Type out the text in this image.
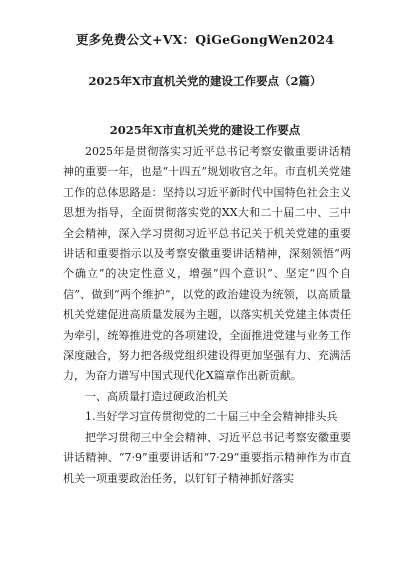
更多免费公文+VX：QiGeGongWen2024
2025年X市直机关党的建设工作要点（2篇）
2025年X市直机关党的建设工作要点

2025年是贯彻落实习近平总书记考察安徽重要讲话精神的重要一年，也是“十四五”规划收官之年。市直机关党建工作的总体思路是：坚持以习近平新时代中国特色社会主义思想为指导，全面贯彻落实党的XX大和二十届二中、三中全会精神，深入学习贯彻习近平总书记关于机关党建的重要讲话和重要指示以及考察安徽重要讲话精神，深刻领悟“两个确立”的决定性意义，增强“四个意识”、坚定“四个自信”、做到“两个维护”，以党的政治建设为统领，以高质量机关党建促进高质量发展为主题，以落实机关党建主体责任为牵引，统筹推进党的各项建设，全面推进党建与业务工作深度融合，努力把各级党组织建设得更加坚强有力、充满活力，为奋力谱写中国式现代化X篇章作出新贡献。

一、高质量打造过硬政治机关

1.当好学习宣传贯彻党的二十届三中全会精神排头兵

把学习贯彻三中全会精神、习近平总书记考察安徽重要讲话精神、“7·9”重要讲话和“7·29”重要指示精神作为市直机关一项重要政治任务，以钉钉子精神抓好落实
